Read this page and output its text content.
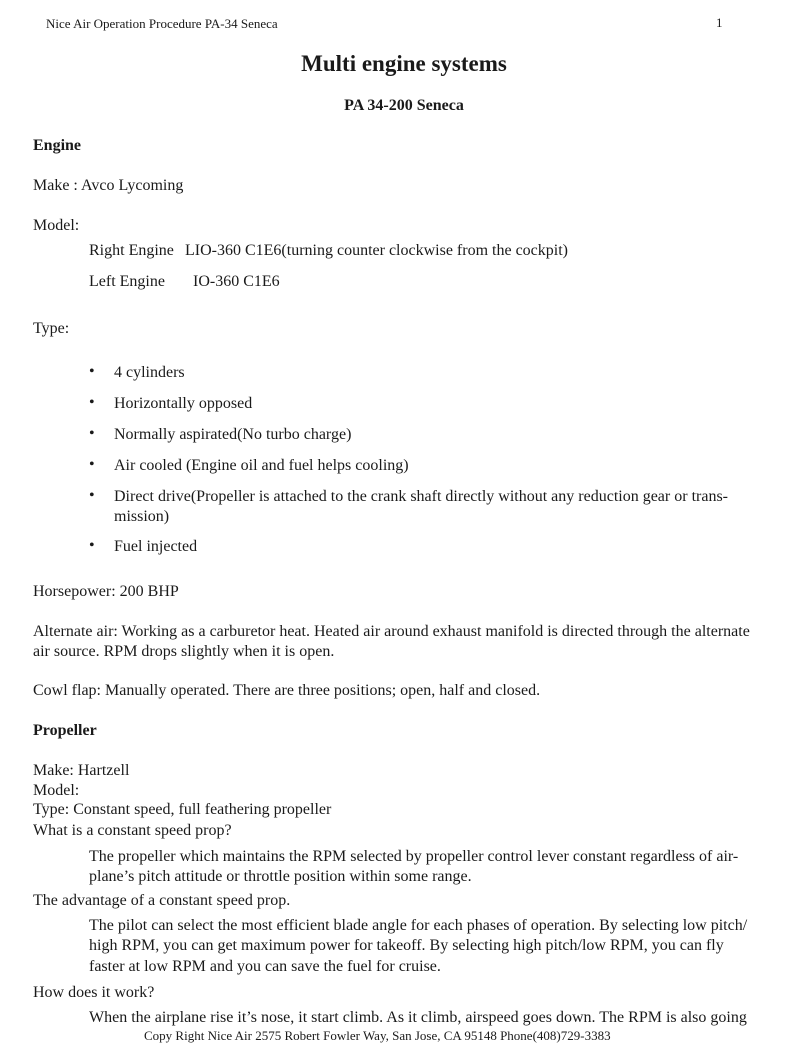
Nice Air Operation Procedure PA-34 Seneca	1
Multi engine systems
PA 34-200 Seneca
Engine
Make : Avco Lycoming
Model:
Right Engine LIO-360 C1E6(turning counter clockwise from the cockpit)
Left Engine IO-360 C1E6
Type:
• 4 cylinders
• Horizontally opposed
• Normally aspirated(No turbo charge)
• Air cooled (Engine oil and fuel helps cooling)
• Direct drive(Propeller is attached to the crank shaft directly without any reduction gear or trans-
mission)
• Fuel injected
Horsepower: 200 BHP
Alternate air: Working as a carburetor heat. Heated air around exhaust manifold is directed through the alternate
air source. RPM drops slightly when it is open.
Cowl flap: Manually operated. There are three positions; open, half and closed.
Propeller
Make: Hartzell
Model:
Type: Constant speed, full feathering propeller
What is a constant speed prop?
The propeller which maintains the RPM selected by propeller control lever constant regardless of air-
plane’s pitch attitude or throttle position within some range.
The advantage of a constant speed prop.
The pilot can select the most efficient blade angle for each phases of operation. By selecting low pitch/
high RPM, you can get maximum power for takeoff. By selecting high pitch/low RPM, you can fly
faster at low RPM and you can save the fuel for cruise.
How does it work?
When the airplane rise it’s nose, it start climb. As it climb, airspeed goes down. The RPM is also going
Copy Right Nice Air 2575 Robert Fowler Way, San Jose, CA 95148 Phone(408)729-3383
